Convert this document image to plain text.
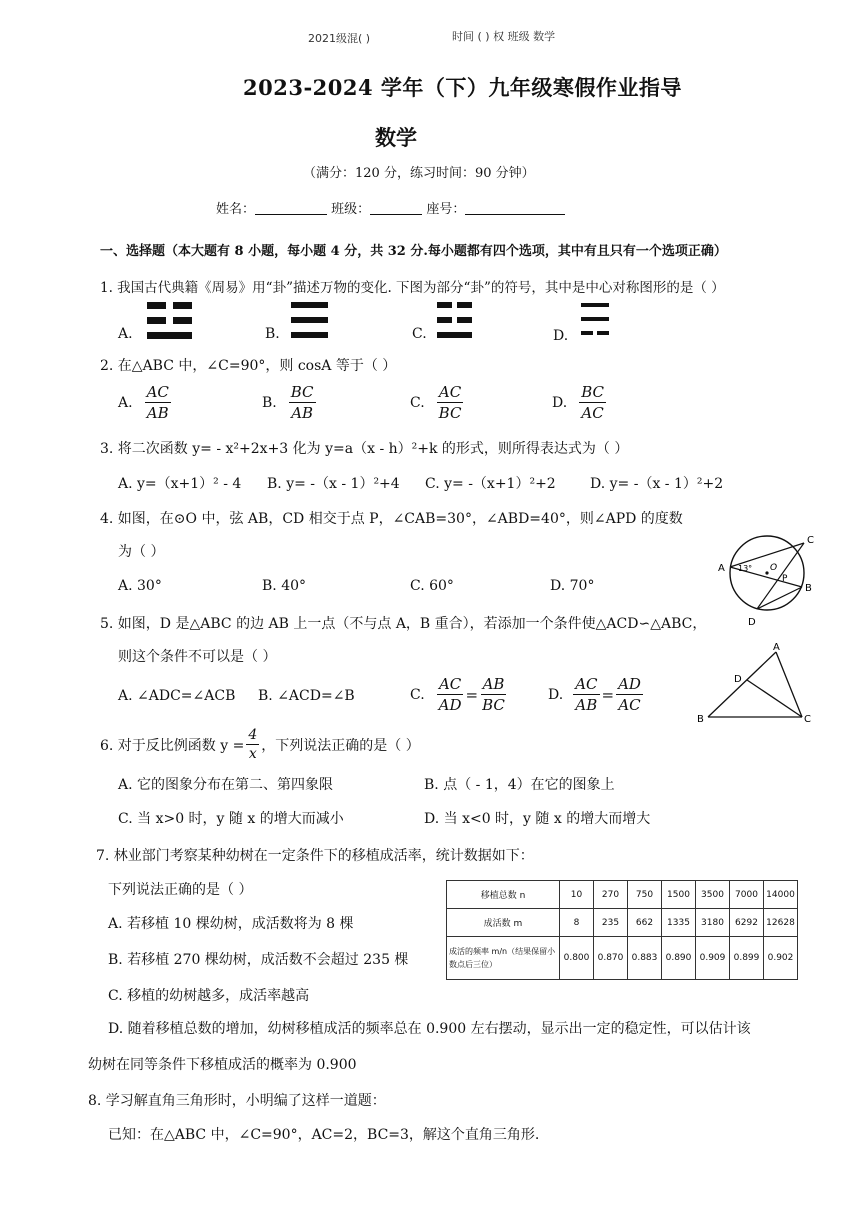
2021级混( )	时间 ( ) 权 班级 数学
2023-2024 学年（下）九年级寒假作业指导
数学
（满分：120 分，练习时间：90 分钟）
姓名：	班级：	座号：
一、选择题（本大题有 8 小题，每小题 4 分，共 32 分.每小题都有四个选项，其中有且只有一个选项正确）
1. 我国古代典籍《周易》用“卦”描述万物的变化. 下图为部分“卦”的符号，其中是中心对称图形的是（ ）
A.	B.	C.	D.
2. 在△ABC 中，∠C=90°，则 cosA 等于（ ）
A. $\frac{AC}{AB}$	B. $\frac{BC}{AB}$	C. $\frac{AC}{BC}$	D. $\frac{BC}{AC}$
3. 将二次函数 y= - x²+2x+3 化为 y=a（x - h）²+k 的形式，则所得表达式为（ ）
A. y=（x+1）² - 4 B. y= -（x - 1）²+4 C. y= -（x+1）²+2 D. y= -（x - 1）²+2
4. 如图，在⊙O 中，弦 AB，CD 相交于点 P，∠CAB=30°，∠ABD=40°，则∠APD 的度数
为（ ）
A. 30°	B. 40°	C. 60°	D. 70°
A
C
B
D
O
P
13°
5. 如图，D 是△ABC 的边 AB 上一点（不与点 A，B 重合），若添加一个条件使△ACD∽△ABC，
则这个条件不可以是（ ）
A. ∠ADC=∠ACB B. ∠ACD=∠B	C. $\frac{AC}{AD} = \frac{AB}{BC}$	D. $\frac{AC}{AB} = \frac{AD}{AC}$
A
D
B	C
6. 对于反比例函数 $y = \frac{4}{x}$ ，下列说法正确的是（ ）
A. 它的图象分布在第二、第四象限	B. 点（ - 1，4）在它的图象上
C. 当 x>0 时，y 随 x 的增大而减小	D. 当 x<0 时，y 随 x 的增大而增大
7. 林业部门考察某种幼树在一定条件下的移植成活率，统计数据如下：
下列说法正确的是（ ）
A. 若移植 10 棵幼树，成活数将为 8 棵
B. 若移植 270 棵幼树，成活数不会超过 235 棵
C. 移植的幼树越多，成活率越高
D. 随着移植总数的增加，幼树移植成活的频率总在 0.900 左右摆动，显示出一定的稳定性，可以估计该
幼树在同等条件下移植成活的概率为 0.900
移植总数 n	10	270	750	1500	3500	7000	14000
成活数 m	8	235	662	1335	3180	6292	12628
成活的频率 m/n（结果保留小数点后三位）	0.800	0.870	0.883	0.890	0.909	0.899	0.902
8. 学习解直角三角形时，小明编了这样一道题：
已知：在△ABC 中，∠C=90°，AC=2，BC=3，解这个直角三角形.
